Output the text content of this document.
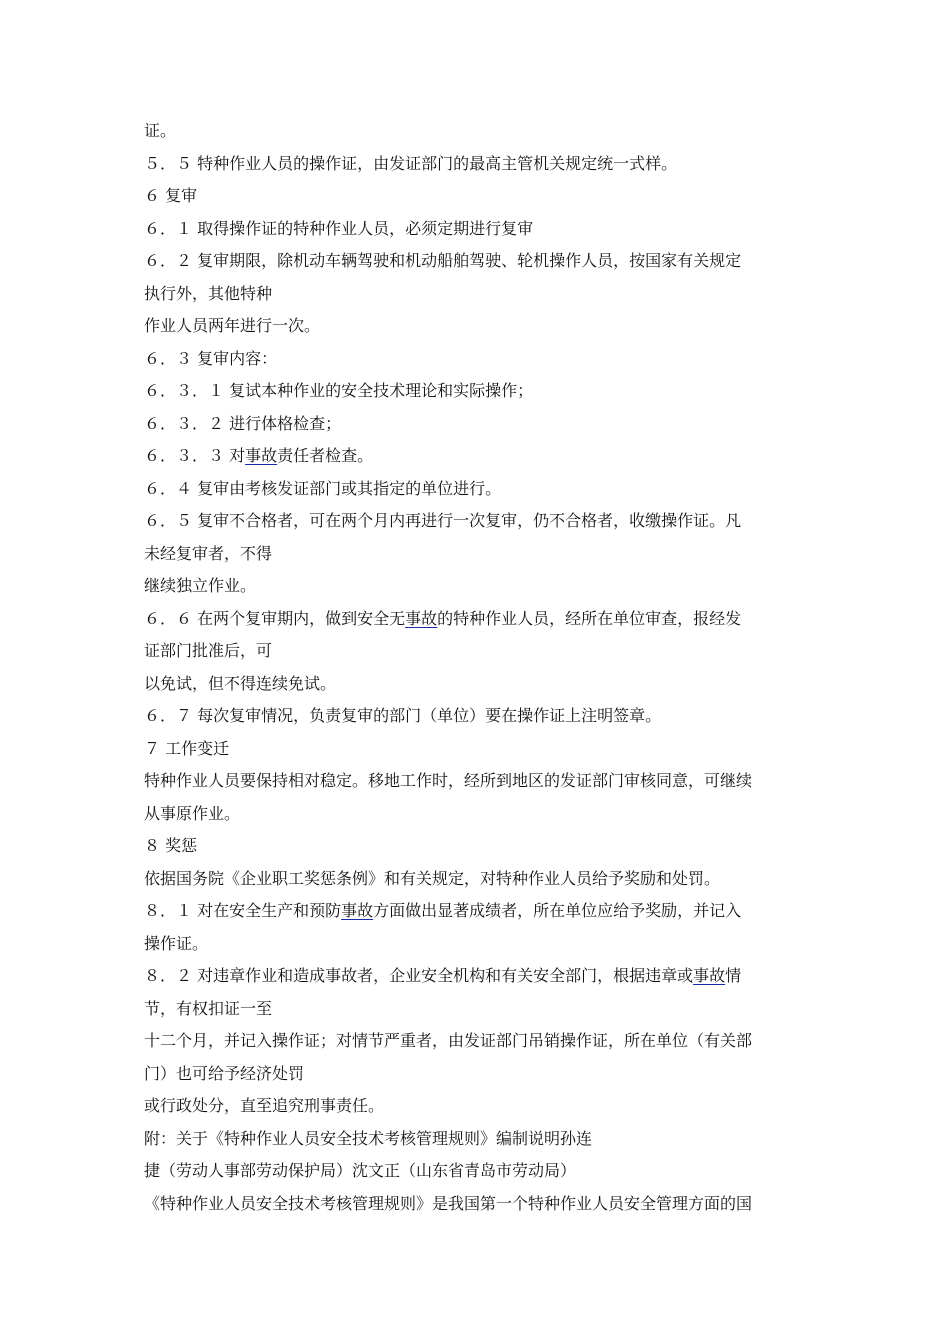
证。
５．５ 特种作业人员的操作证，由发证部门的最高主管机关规定统一式样。
６ 复审
６．１ 取得操作证的特种作业人员，必须定期进行复审
６．２ 复审期限，除机动车辆驾驶和机动船舶驾驶、轮机操作人员，按国家有关规定
执行外，其他特种
作业人员两年进行一次。
６．３ 复审内容：
６．３．１ 复试本种作业的安全技术理论和实际操作；
６．３．２ 进行体格检查；
６．３．３ 对事故责任者检查。
６．４ 复审由考核发证部门或其指定的单位进行。
６．５ 复审不合格者，可在两个月内再进行一次复审，仍不合格者，收缴操作证。凡
未经复审者，不得
继续独立作业。
６．６ 在两个复审期内，做到安全无事故的特种作业人员，经所在单位审查，报经发
证部门批准后，可
以免试，但不得连续免试。
６．７ 每次复审情况，负责复审的部门（单位）要在操作证上注明签章。
７ 工作变迁
特种作业人员要保持相对稳定。移地工作时，经所到地区的发证部门审核同意，可继续
从事原作业。
８ 奖惩
依据国务院《企业职工奖惩条例》和有关规定，对特种作业人员给予奖励和处罚。
８．１ 对在安全生产和预防事故方面做出显著成绩者，所在单位应给予奖励，并记入
操作证。
８．２ 对违章作业和造成事故者，企业安全机构和有关安全部门，根据违章或事故情
节，有权扣证一至
十二个月，并记入操作证；对情节严重者，由发证部门吊销操作证，所在单位（有关部
门）也可给予经济处罚
或行政处分，直至追究刑事责任。
附：关于《特种作业人员安全技术考核管理规则》编制说明孙连
捷（劳动人事部劳动保护局）沈文正（山东省青岛市劳动局）
《特种作业人员安全技术考核管理规则》是我国第一个特种作业人员安全管理方面的国
